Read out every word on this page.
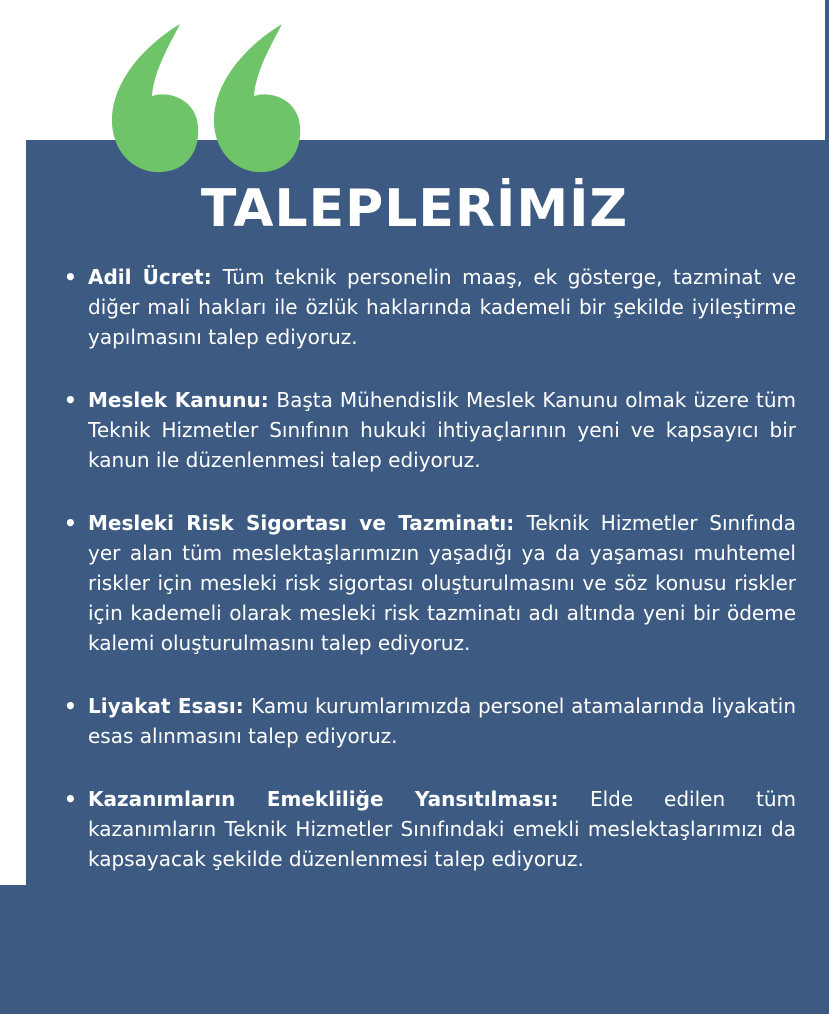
TALEPLERİMİZ
• Adil Ücret: Tüm teknik personelin maaş, ek gösterge, tazminat ve diğer mali hakları ile özlük haklarında kademeli bir şekilde iyileştirme yapılmasını talep ediyoruz.
• Meslek Kanunu: Başta Mühendislik Meslek Kanunu olmak üzere tüm Teknik Hizmetler Sınıfının hukuki ihtiyaçlarının yeni ve kapsayıcı bir kanun ile düzenlenmesi talep ediyoruz.
• Mesleki Risk Sigortası ve Tazminatı: Teknik Hizmetler Sınıfında yer alan tüm meslektaşlarımızın yaşadığı ya da yaşaması muhtemel riskler için mesleki risk sigortası oluşturulmasını ve söz konusu riskler için kademeli olarak mesleki risk tazminatı adı altında yeni bir ödeme kalemi oluşturulmasını talep ediyoruz.
• Liyakat Esası: Kamu kurumlarımızda personel atamalarında liyakatin esas alınmasını talep ediyoruz.
• Kazanımların Emekliliğe Yansıtılması: Elde edilen tüm kazanımların Teknik Hizmetler Sınıfındaki emekli meslektaşlarımızı da kapsayacak şekilde düzenlenmesi talep ediyoruz.
